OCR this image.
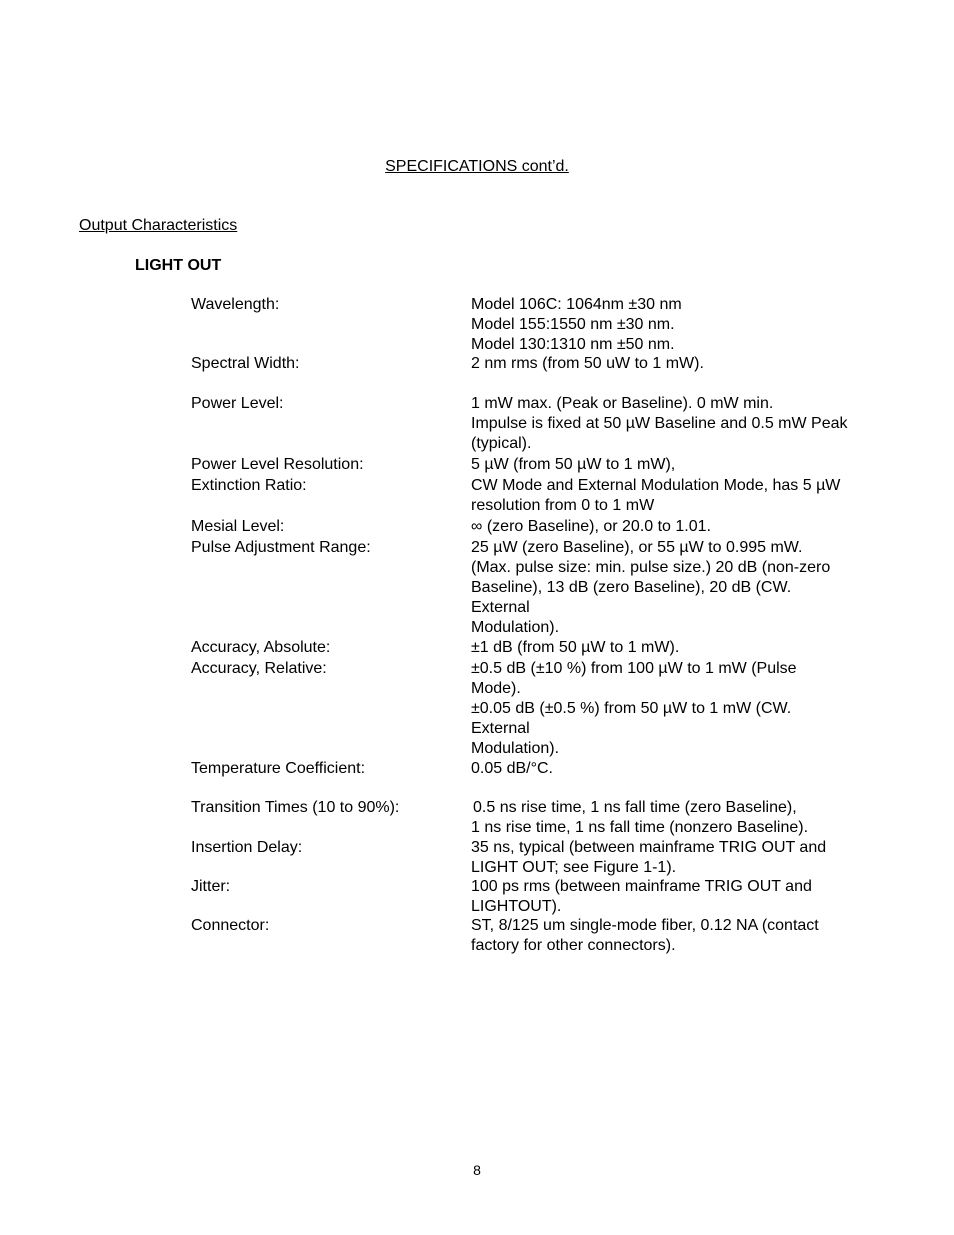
SPECIFICATIONS cont’d.
Output Characteristics
LIGHT OUT
Wavelength:	Model 106C: 1064nm ±30 nm
Model 155:1550 nm ±30 nm.
Model 130:1310 nm ±50 nm.
Spectral Width:	2 nm rms (from 50 uW to 1 mW).
Power Level:	1 mW max. (Peak or Baseline). 0 mW min.
Impulse is fixed at 50 µW Baseline and 0.5 mW Peak
(typical).
Power Level Resolution:	5 µW (from 50 µW to 1 mW),
Extinction Ratio:	CW Mode and External Modulation Mode, has 5 µW
resolution from 0 to 1 mW
Mesial Level:	∞ (zero Baseline), or 20.0 to 1.01.
Pulse Adjustment Range:	25 µW (zero Baseline), or 55 µW to 0.995 mW.
(Max. pulse size: min. pulse size.) 20 dB (non-zero
Baseline), 13 dB (zero Baseline), 20 dB (CW.
External
Modulation).
Accuracy, Absolute:	±1 dB (from 50 µW to 1 mW).
Accuracy, Relative:	±0.5 dB (±10 %) from 100 µW to 1 mW (Pulse
Mode).
±0.05 dB (±0.5 %) from 50 µW to 1 mW (CW.
External
Modulation).
Temperature Coefficient:	0.05 dB/°C.
Transition Times (10 to 90%):	0.5 ns rise time, 1 ns fall time (zero Baseline),
1 ns rise time, 1 ns fall time (nonzero Baseline).
Insertion Delay:	35 ns, typical (between mainframe TRIG OUT and
LIGHT OUT; see Figure 1-1).
Jitter:	100 ps rms (between mainframe TRIG OUT and
LIGHTOUT).
Connector:	ST, 8/125 um single-mode fiber, 0.12 NA (contact
factory for other connectors).
8
